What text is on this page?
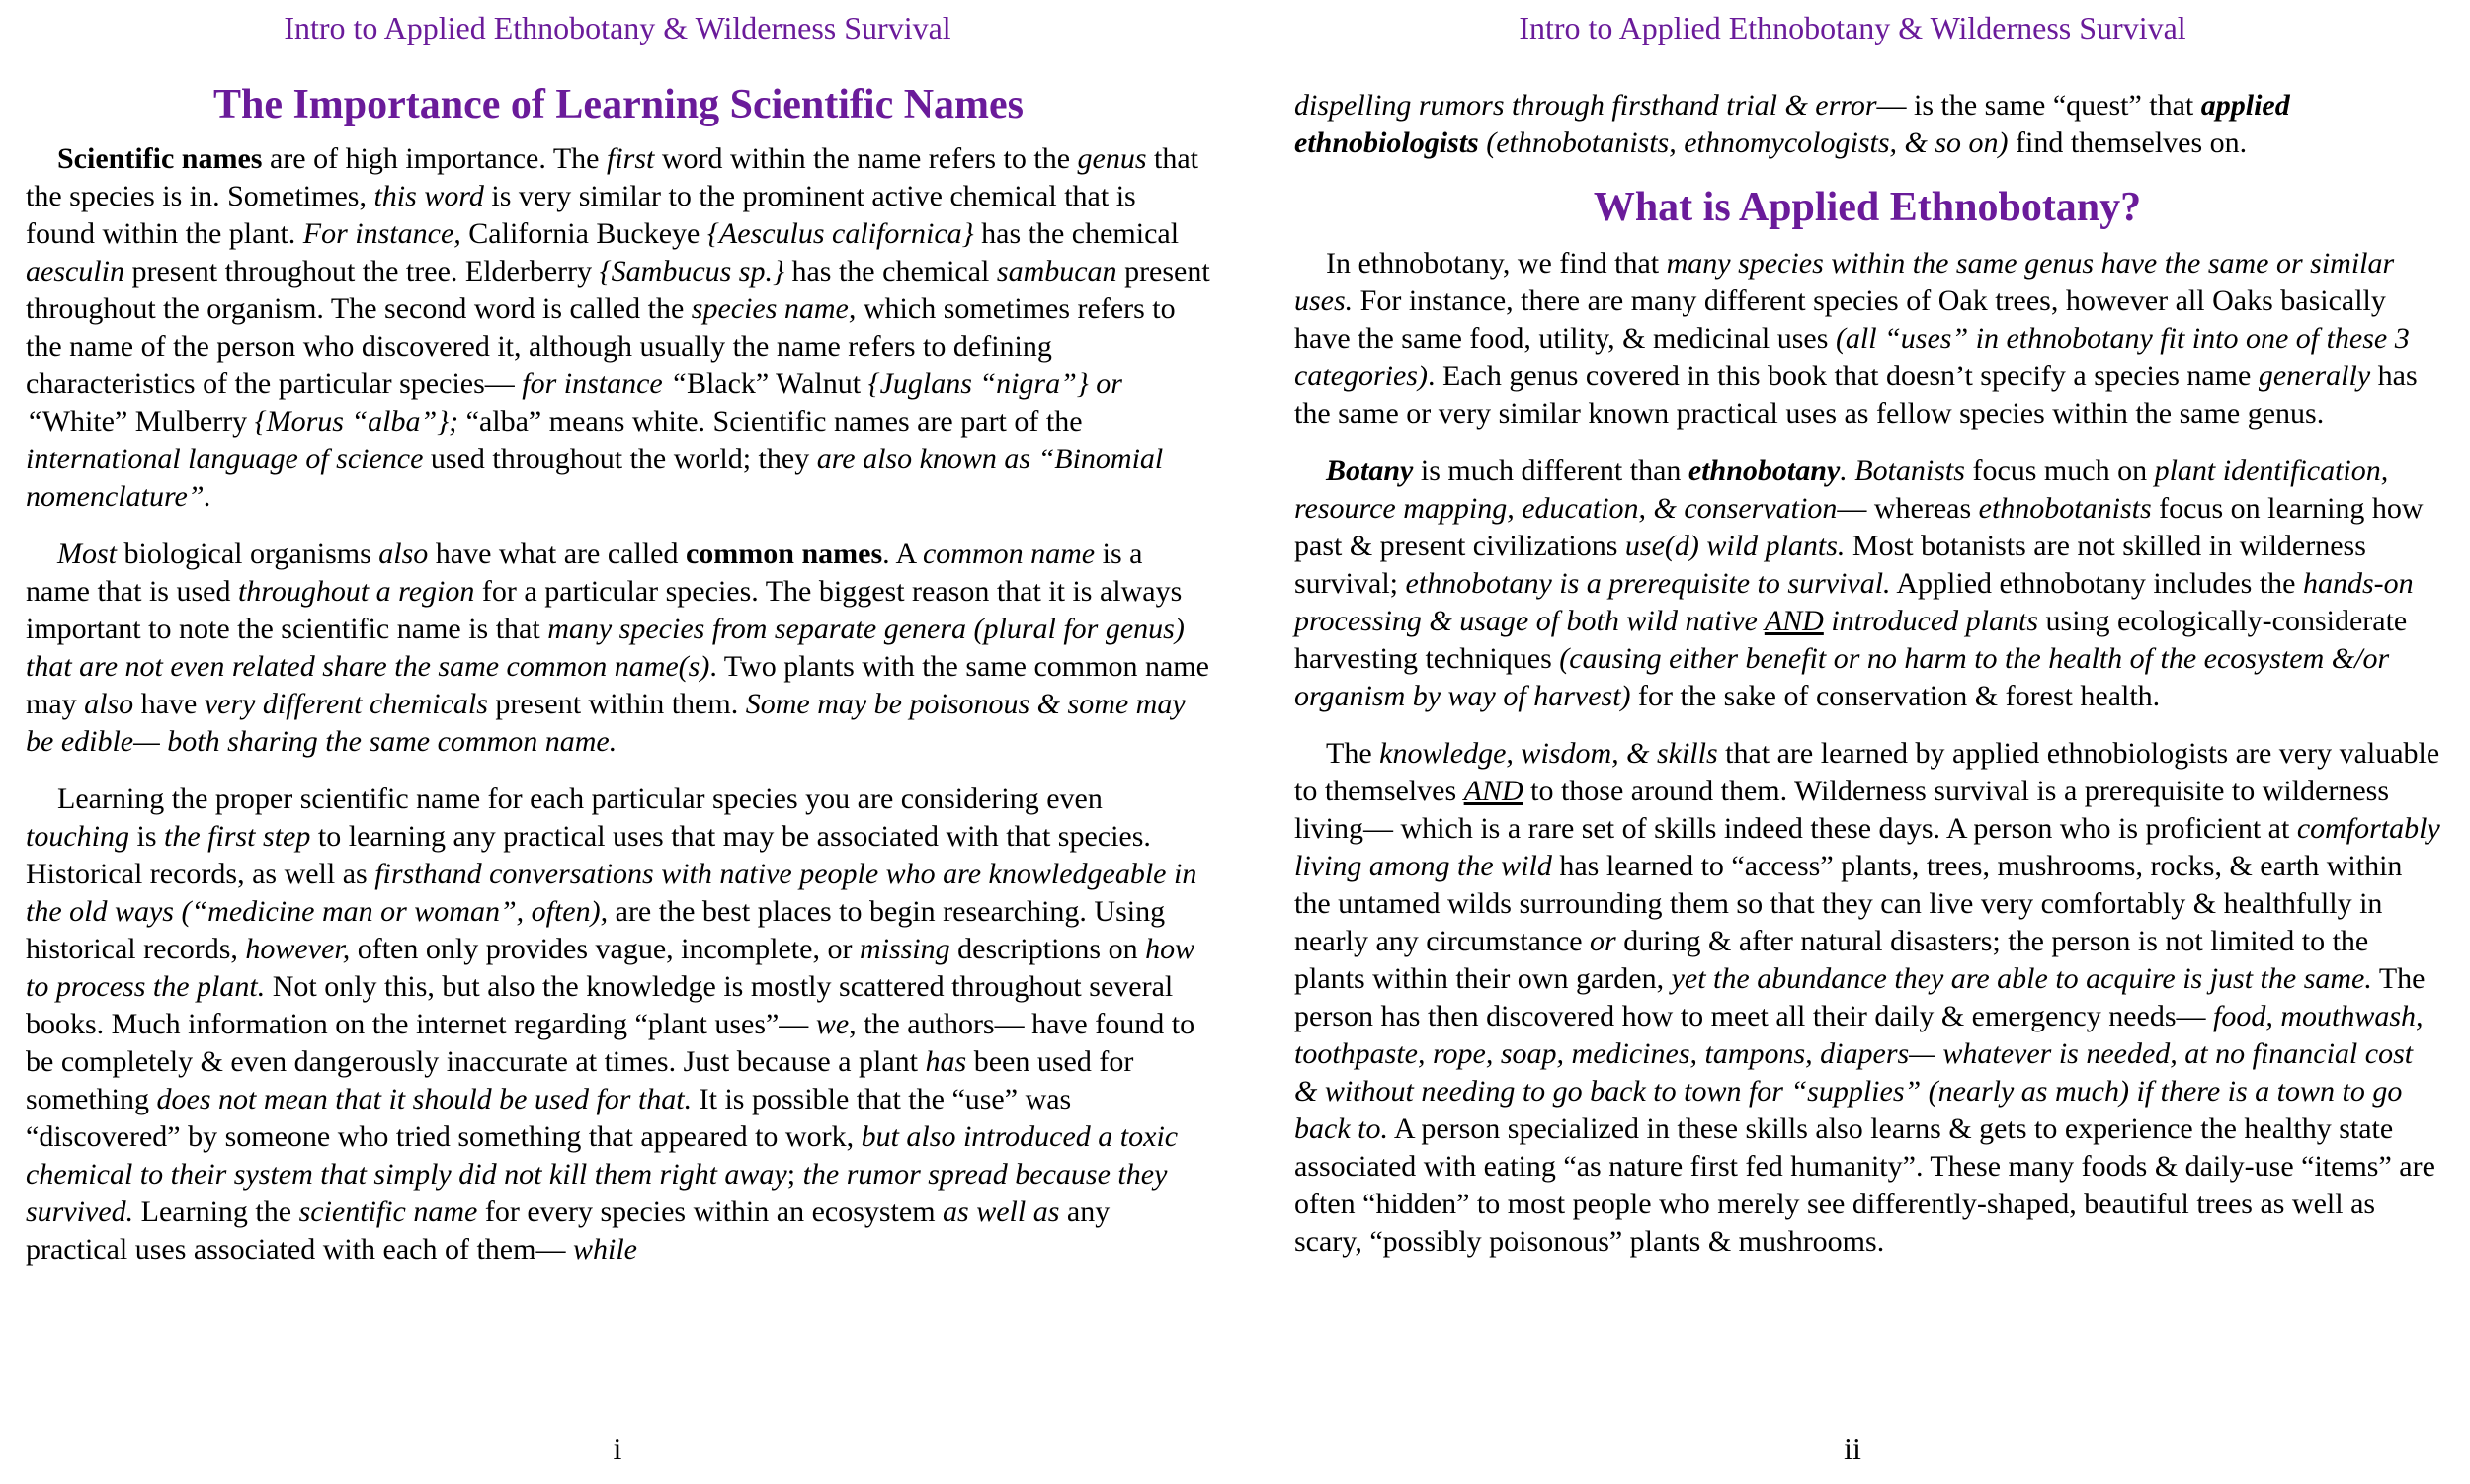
Intro to Applied Ethnobotany & Wilderness Survival
The Importance of Learning Scientific Names

Scientific names are of high importance. The first word within the name refers to the genus that the species is in. Sometimes, this word is very similar to the prominent active chemical that is found within the plant. For instance, California Buckeye {Aesculus californica} has the chemical aesculin present throughout the tree. Elderberry {Sambucus sp.} has the chemical sambucan present throughout the organism. The second word is called the species name, which sometimes refers to the name of the person who discovered it, although usually the name refers to defining characteristics of the particular species— for instance “Black” Walnut {Juglans “nigra”} or “White” Mulberry {Morus “alba”}; “alba” means white. Scientific names are part of the international language of science used throughout the world; they are also known as “Binomial nomenclature”.

Most biological organisms also have what are called common names. A common name is a name that is used throughout a region for a particular species. The biggest reason that it is always important to note the scientific name is that many species from separate genera (plural for genus) that are not even related share the same common name(s). Two plants with the same common name may also have very different chemicals present within them. Some may be poisonous & some may be edible— both sharing the same common name.

Learning the proper scientific name for each particular species you are considering even touching is the first step to learning any practical uses that may be associated with that species. Historical records, as well as firsthand conversations with native people who are knowledgeable in the old ways (“medicine man or woman”, often), are the best places to begin researching. Using historical records, however, often only provides vague, incomplete, or missing descriptions on how to process the plant. Not only this, but also the knowledge is mostly scattered throughout several books. Much information on the internet regarding “plant uses”— we, the authors— have found to be completely & even dangerously inaccurate at times. Just because a plant has been used for something does not mean that it should be used for that. It is possible that the “use” was “discovered” by someone who tried something that appeared to work, but also introduced a toxic chemical to their system that simply did not kill them right away; the rumor spread because they survived. Learning the scientific name for every species within an ecosystem as well as any practical uses associated with each of them— while

i
Intro to Applied Ethnobotany & Wilderness Survival

dispelling rumors through firsthand trial & error— is the same “quest” that applied ethnobiologists (ethnobotanists, ethnomycologists, & so on) find themselves on.

What is Applied Ethnobotany?

In ethnobotany, we find that many species within the same genus have the same or similar uses. For instance, there are many different species of Oak trees, however all Oaks basically have the same food, utility, & medicinal uses (all “uses” in ethnobotany fit into one of these 3 categories). Each genus covered in this book that doesn’t specify a species name generally has the same or very similar known practical uses as fellow species within the same genus.

Botany is much different than ethnobotany. Botanists focus much on plant identification, resource mapping, education, & conservation— whereas ethnobotanists focus on learning how past & present civilizations use(d) wild plants. Most botanists are not skilled in wilderness survival; ethnobotany is a prerequisite to survival. Applied ethnobotany includes the hands-on processing & usage of both wild native AND introduced plants using ecologically-considerate harvesting techniques (causing either benefit or no harm to the health of the ecosystem &/or organism by way of harvest) for the sake of conservation & forest health.

The knowledge, wisdom, & skills that are learned by applied ethnobiologists are very valuable to themselves AND to those around them. Wilderness survival is a prerequisite to wilderness living— which is a rare set of skills indeed these days. A person who is proficient at comfortably living among the wild has learned to “access” plants, trees, mushrooms, rocks, & earth within the untamed wilds surrounding them so that they can live very comfortably & healthfully in nearly any circumstance or during & after natural disasters; the person is not limited to the plants within their own garden, yet the abundance they are able to acquire is just the same. The person has then discovered how to meet all their daily & emergency needs— food, mouthwash, toothpaste, rope, soap, medicines, tampons, diapers— whatever is needed, at no financial cost & without needing to go back to town for “supplies” (nearly as much) if there is a town to go back to. A person specialized in these skills also learns & gets to experience the healthy state associated with eating “as nature first fed humanity”. These many foods & daily-use “items” are often “hidden” to most people who merely see differently-shaped, beautiful trees as well as scary, “possibly poisonous” plants & mushrooms.

ii
